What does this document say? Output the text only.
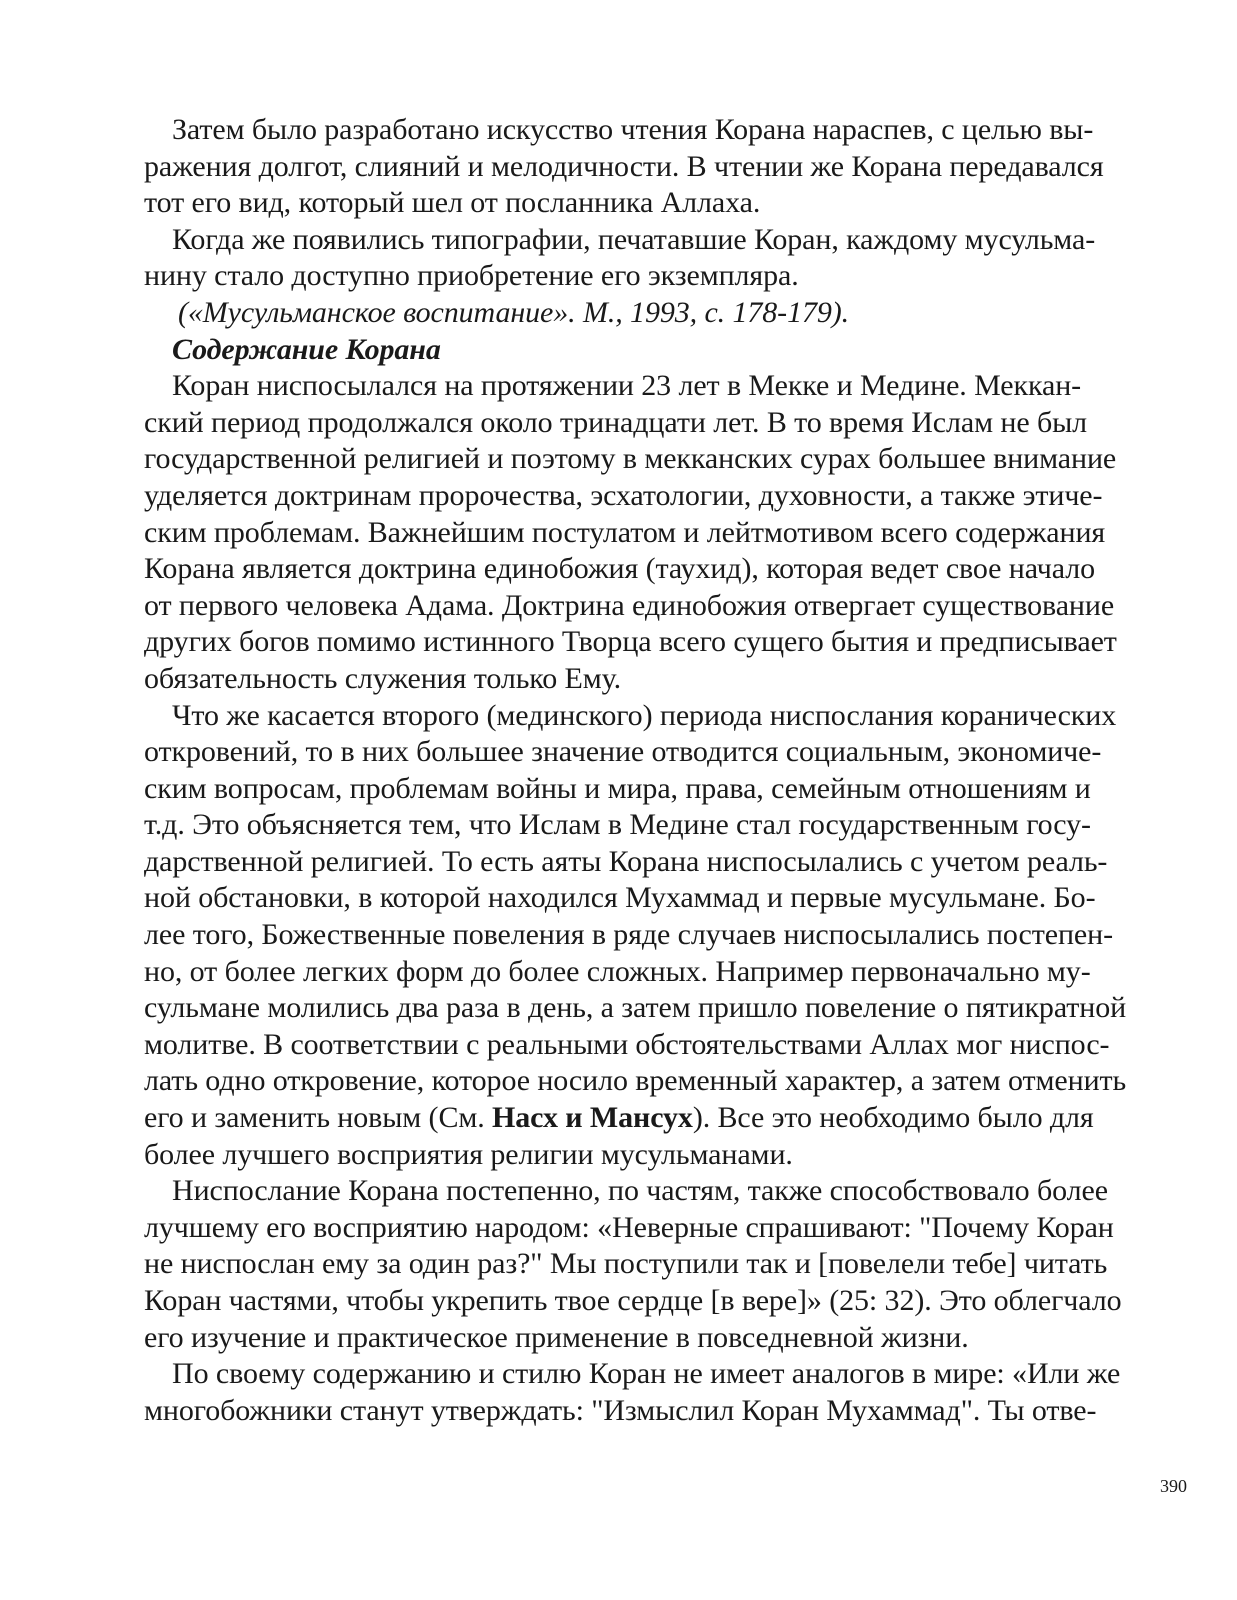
Затем было разработано искусство чтения Корана нараспев, с целью вы-
ражения долгот, слияний и мелодичности. В чтении же Корана передавался
тот его вид, который шел от посланника Аллаха.
Когда же появились типографии, печатавшие Коран, каждому мусульма-
нину стало доступно приобретение его экземпляра.
(«Мусульманское воспитание». М., 1993, с. 178-179).
Содержание Корана
Коран ниспосылался на протяжении 23 лет в Мекке и Медине. Меккан-
ский период продолжался около тринадцати лет. В то время Ислам не был
государственной религией и поэтому в мекканских сурах большее внимание
уделяется доктринам пророчества, эсхатологии, духовности, а также этиче-
ским проблемам. Важнейшим постулатом и лейтмотивом всего содержания
Корана является доктрина единобожия (таухид), которая ведет свое начало
от первого человека Адама. Доктрина единобожия отвергает существование
других богов помимо истинного Творца всего сущего бытия и предписывает
обязательность служения только Ему.
Что же касается второго (мединского) периода ниспослания коранических
откровений, то в них большее значение отводится социальным, экономиче-
ским вопросам, проблемам войны и мира, права, семейным отношениям и
т.д. Это объясняется тем, что Ислам в Медине стал государственным госу-
дарственной религией. То есть аяты Корана ниспосылались с учетом реаль-
ной обстановки, в которой находился Мухаммад и первые мусульмане. Бо-
лее того, Божественные повеления в ряде случаев ниспосылались постепен-
но, от более легких форм до более сложных. Например первоначально му-
сульмане молились два раза в день, а затем пришло повеление о пятикратной
молитве. В соответствии с реальными обстоятельствами Аллах мог ниспос-
лать одно откровение, которое носило временный характер, а затем отменить
его и заменить новым (См. Насх и Мансух). Все это необходимо было для
более лучшего восприятия религии мусульманами.
Ниспослание Корана постепенно, по частям, также способствовало более
лучшему его восприятию народом: «Неверные спрашивают: "Почему Коран
не ниспослан ему за один раз?" Мы поступили так и [повелели тебе] читать
Коран частями, чтобы укрепить твое сердце [в вере]» (25: 32). Это облегчало
его изучение и практическое применение в повседневной жизни.
По своему содержанию и стилю Коран не имеет аналогов в мире: «Или же
многобожники станут утверждать: "Измыслил Коран Мухаммад". Ты отве-
390
